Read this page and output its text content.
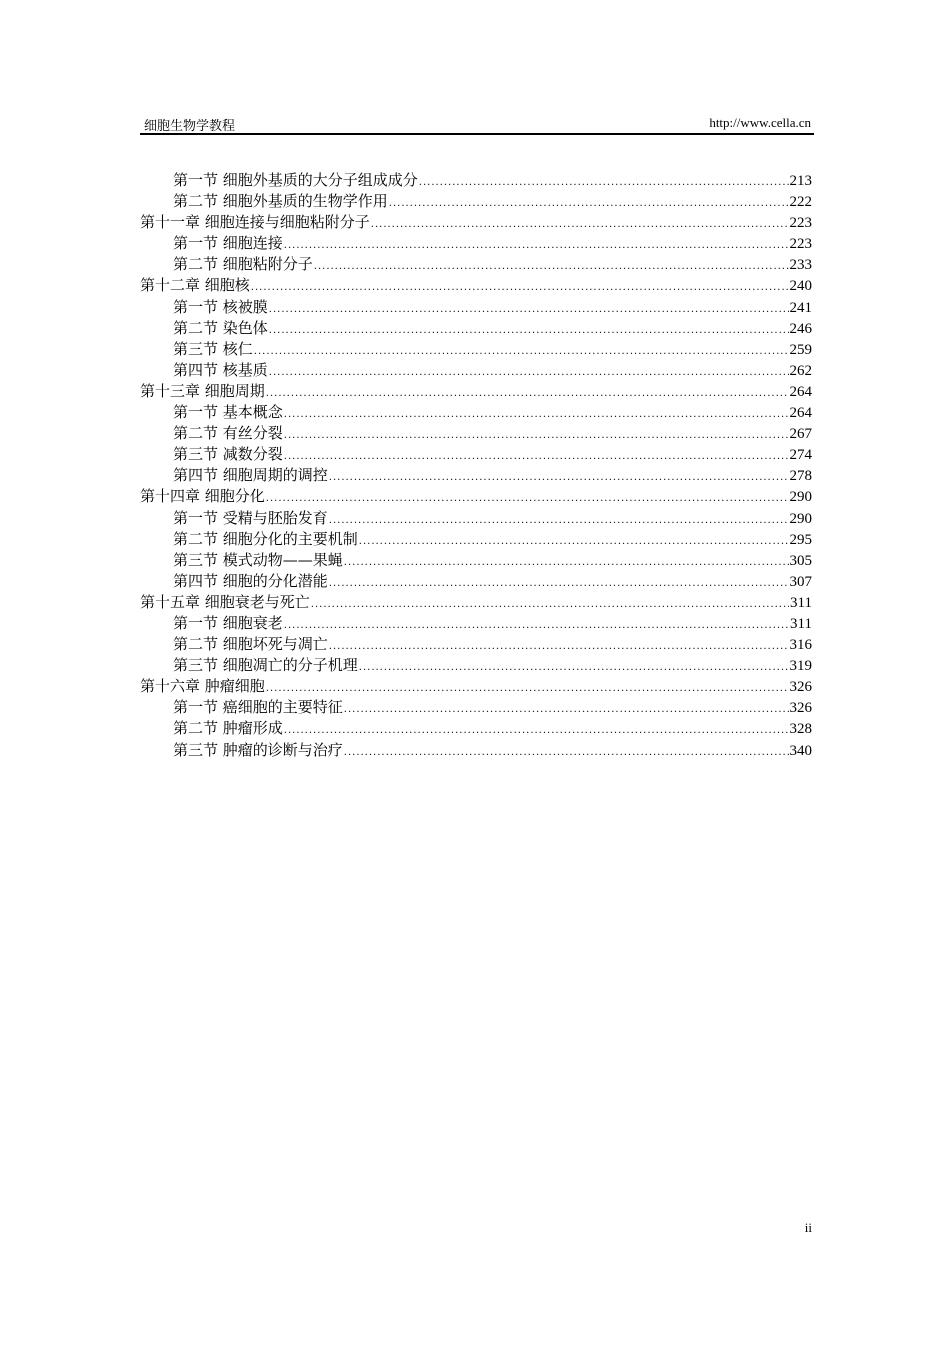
细胞生物学教程	http://www.cella.cn
第一节 细胞外基质的大分子组成成分 .....	213
第二节 细胞外基质的生物学作用 .....	222
第十一章 细胞连接与细胞粘附分子 .....	223
第一节 细胞连接 .....	223
第二节 细胞粘附分子 .....	233
第十二章 细胞核 .....	240
第一节 核被膜 .....	241
第二节 染色体 .....	246
第三节 核仁 .....	259
第四节 核基质 .....	262
第十三章 细胞周期 .....	264
第一节 基本概念 .....	264
第二节 有丝分裂 .....	267
第三节 减数分裂 .....	274
第四节 细胞周期的调控 .....	278
第十四章 细胞分化 .....	290
第一节 受精与胚胎发育 .....	290
第二节 细胞分化的主要机制 .....	295
第三节 模式动物——果蝇 .....	305
第四节 细胞的分化潜能 .....	307
第十五章 细胞衰老与死亡 .....	311
第一节 细胞衰老 .....	311
第二节 细胞坏死与凋亡 .....	316
第三节 细胞凋亡的分子机理 .....	319
第十六章 肿瘤细胞 .....	326
第一节 癌细胞的主要特征 .....	326
第二节 肿瘤形成 .....	328
第三节 肿瘤的诊断与治疗 .....	340
ii
